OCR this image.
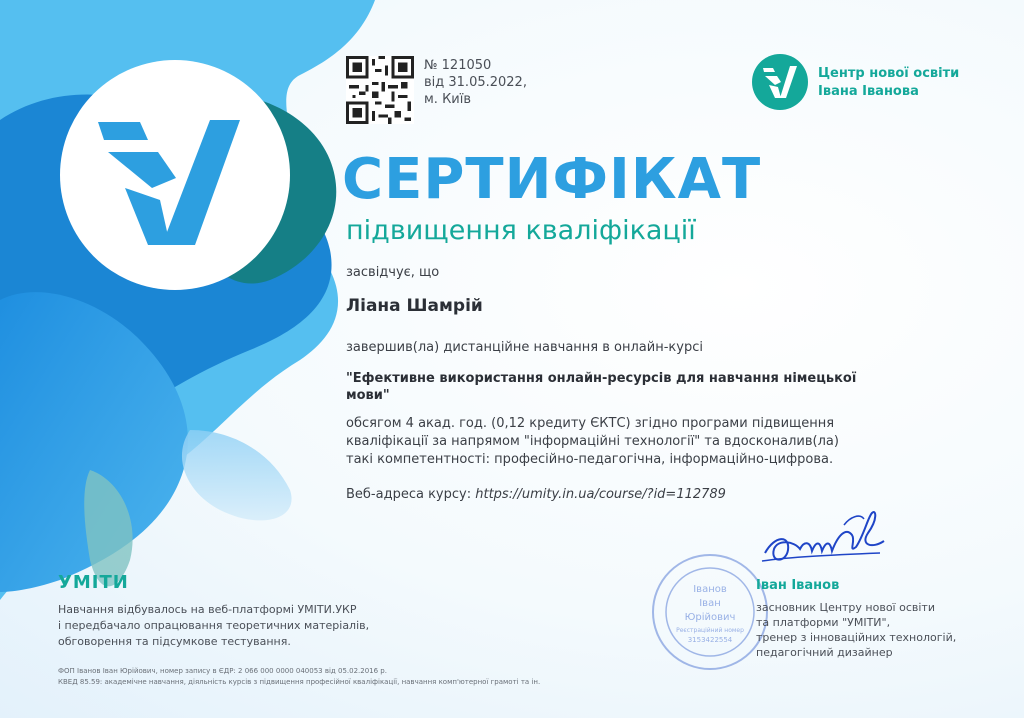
№ 121050
від 31.05.2022,
м. Київ
Центр нової освіти
Івана Іванова
СЕРТИФІКАТ
підвищення кваліфікації
засвідчує, що
Ліана Шамрій
завершив(ла) дистанційне навчання в онлайн-курсі
"Ефективне використання онлайн-ресурсів для навчання німецької мови"
обсягом 4 акад. год. (0,12 кредиту ЄКТС) згідно програми підвищення
кваліфікації за напрямом "інформаційні технології" та вдосконалив(ла)
такі компетентності: професійно-педагогічна, інформаційно-цифрова.
Веб-адреса курсу: https://umity.in.ua/course/?id=112789
Іванов
Іван
Юрійович
Реєстраційний номер
3153422554
Іван Іванов
засновник Центру нової освіти
та платформи "УМІТИ",
тренер з інноваційних технологій,
педагогічний дизайнер
УМІТИ
Навчання відбувалось на веб-платформі УМІТИ.УКР
і передбачало опрацювання теоретичних матеріалів,
обговорення та підсумкове тестування.
ФОП Іванов Іван Юрійович, номер запису в ЄДР: 2 066 000 0000 040053 від 05.02.2016 р.
КВЕД 85.59: академічне навчання, діяльність курсів з підвищення професійної кваліфікації, навчання комп'ютерної грамоті та ін.
